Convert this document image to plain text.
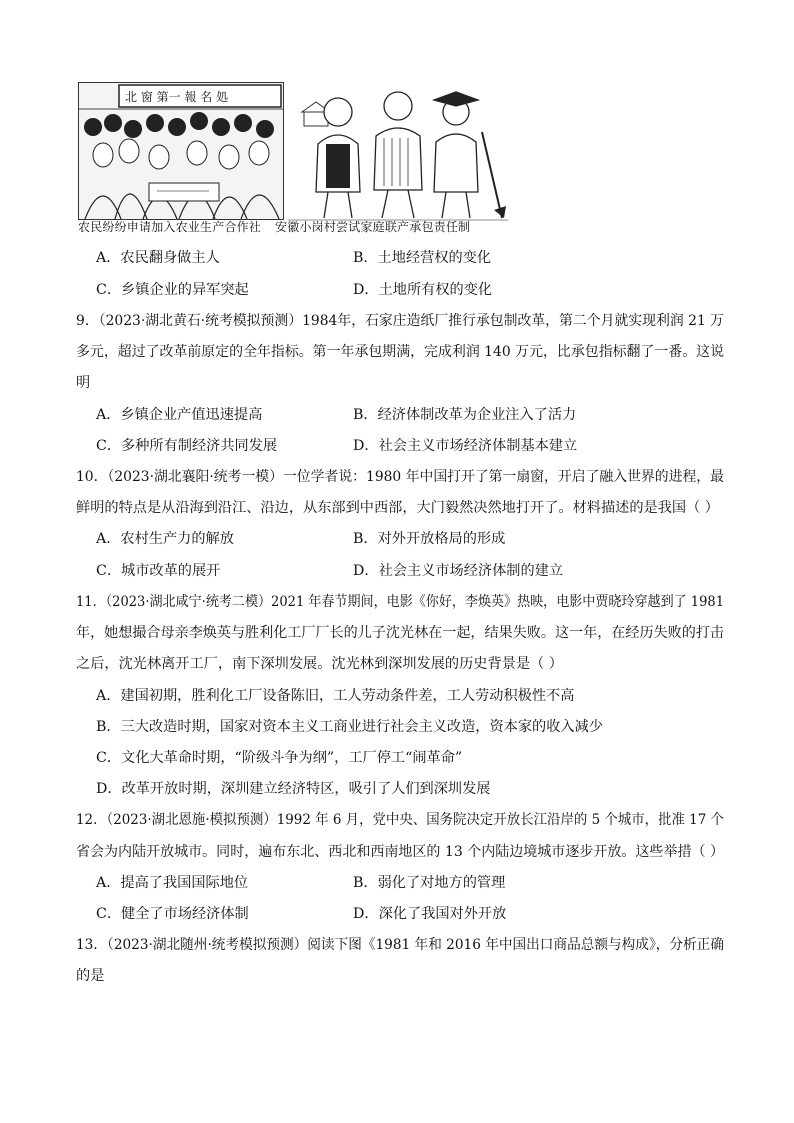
北 窗 第一 報 名 処
农民纷纷申请加入农业生产合作社 安徽小岗村尝试家庭联产承包责任制
A．农民翻身做主人	B．土地经营权的变化
C．乡镇企业的异军突起	D．土地所有权的变化
9．（2023·湖北黄石·统考模拟预测）1984年，石家庄造纸厂推行承包制改革，第二个月就实现利润 21 万
多元，超过了改革前原定的全年指标。第一年承包期满，完成利润 140 万元，比承包指标翻了一番。这说
明
A．乡镇企业产值迅速提高	B．经济体制改革为企业注入了活力
C．多种所有制经济共同发展	D．社会主义市场经济体制基本建立
10．（2023·湖北襄阳·统考一模）一位学者说：1980 年中国打开了第一扇窗，开启了融入世界的进程，最
鲜明的特点是从沿海到沿江、沿边，从东部到中西部，大门毅然决然地打开了。材料描述的是我国（ ）
A．农村生产力的解放	B．对外开放格局的形成
C．城市改革的展开	D．社会主义市场经济体制的建立
11．（2023·湖北咸宁·统考二模）2021 年春节期间，电影《你好，李焕英》热映，电影中贾晓玲穿越到了 1981
年，她想撮合母亲李焕英与胜利化工厂厂长的儿子沈光林在一起，结果失败。这一年，在经历失败的打击
之后，沈光林离开工厂，南下深圳发展。沈光林到深圳发展的历史背景是（ ）
A．建国初期，胜利化工厂设备陈旧，工人劳动条件差，工人劳动积极性不高
B．三大改造时期，国家对资本主义工商业进行社会主义改造，资本家的收入减少
C．文化大革命时期，“阶级斗争为纲”，工厂停工“闹革命”
D．改革开放时期，深圳建立经济特区，吸引了人们到深圳发展
12．（2023·湖北恩施·模拟预测）1992 年 6 月，党中央、国务院决定开放长江沿岸的 5 个城市，批准 17 个
省会为内陆开放城市。同时，遍布东北、西北和西南地区的 13 个内陆边境城市逐步开放。这些举措（ ）
A．提高了我国国际地位	B．弱化了对地方的管理
C．健全了市场经济体制	D．深化了我国对外开放
13．（2023·湖北随州·统考模拟预测）阅读下图《1981 年和 2016 年中国出口商品总额与构成》，分析正确
的是
